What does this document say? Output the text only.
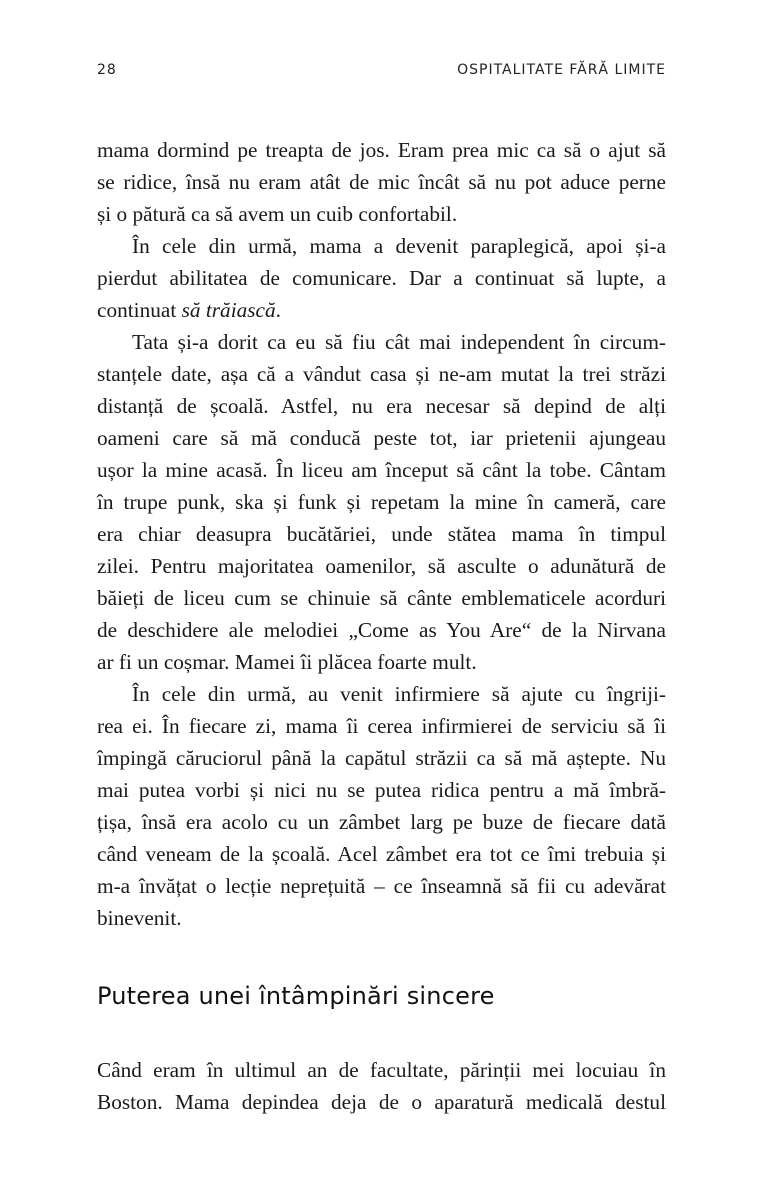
28	OSPITALITATE FĂRĂ LIMITE
mama dormind pe treapta de jos. Eram prea mic ca să o ajut să
se ridice, însă nu eram atât de mic încât să nu pot aduce perne
și o pătură ca să avem un cuib confortabil.
În cele din urmă, mama a devenit paraplegică, apoi și-a
pierdut abilitatea de comunicare. Dar a continuat să lupte, a
continuat să trăiască.
Tata și-a dorit ca eu să fiu cât mai independent în circum-
stanțele date, așa că a vândut casa și ne-am mutat la trei străzi
distanță de școală. Astfel, nu era necesar să depind de alți
oameni care să mă conducă peste tot, iar prietenii ajungeau
ușor la mine acasă. În liceu am început să cânt la tobe. Cântam
în trupe punk, ska și funk și repetam la mine în cameră, care
era chiar deasupra bucătăriei, unde stătea mama în timpul
zilei. Pentru majoritatea oamenilor, să asculte o adunătură de
băieți de liceu cum se chinuie să cânte emblematicele acorduri
de deschidere ale melodiei „Come as You Are“ de la Nirvana
ar fi un coșmar. Mamei îi plăcea foarte mult.
În cele din urmă, au venit infirmiere să ajute cu îngriji-
rea ei. În fiecare zi, mama îi cerea infirmierei de serviciu să îi
împingă căruciorul până la capătul străzii ca să mă aștepte. Nu
mai putea vorbi și nici nu se putea ridica pentru a mă îmbră-
țișa, însă era acolo cu un zâmbet larg pe buze de fiecare dată
când veneam de la școală. Acel zâmbet era tot ce îmi trebuia și
m-a învățat o lecție neprețuită – ce înseamnă să fii cu adevărat
binevenit.
Puterea unei întâmpinări sincere
Când eram în ultimul an de facultate, părinții mei locuiau în
Boston. Mama depindea deja de o aparatură medicală destul
